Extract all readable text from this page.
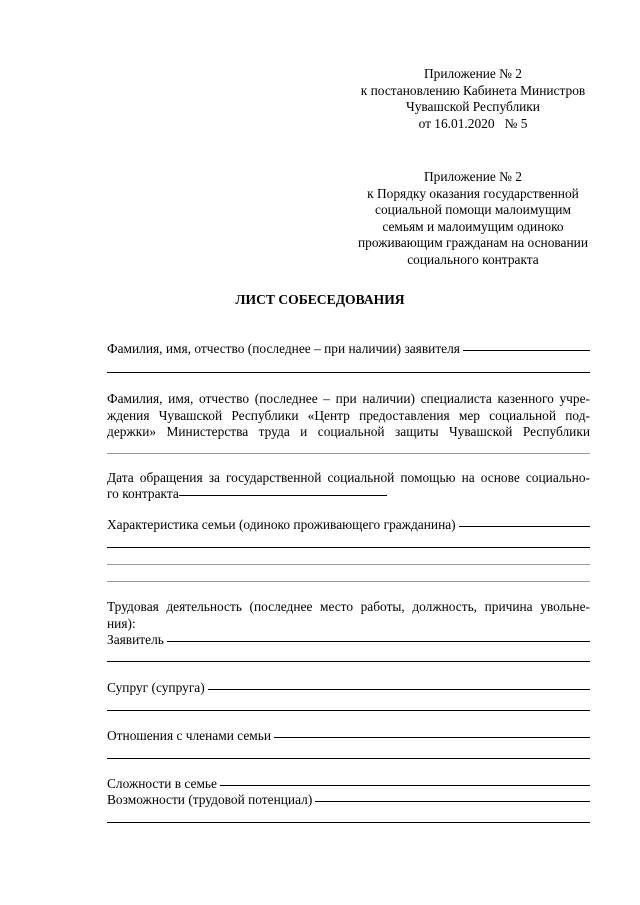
Приложение № 2
к постановлению Кабинета Министров
Чувашской Республики
от 16.01.2020   № 5
Приложение № 2
к Порядку оказания государственной
социальной помощи малоимущим
семьям и малоимущим одиноко
проживающим гражданам на основании
социального контракта
ЛИСТ СОБЕСЕДОВАНИЯ
Фамилия, имя, отчество (последнее – при наличии) заявителя
Фамилия, имя, отчество (последнее – при наличии) специалиста казенного учре-
ждения Чувашской Республики «Центр предоставления мер социальной под-
держки» Министерства труда и социальной защиты Чувашской Республики
Дата обращения за государственной социальной помощью на основе социально-
го контракта
Характеристика семьи (одиноко проживающего гражданина)
Трудовая деятельность (последнее место работы, должность, причина увольне-
ния):
Заявитель
Супруг (супруга)
Отношения с членами семьи
Сложности в семье
Возможности (трудовой потенциал)
